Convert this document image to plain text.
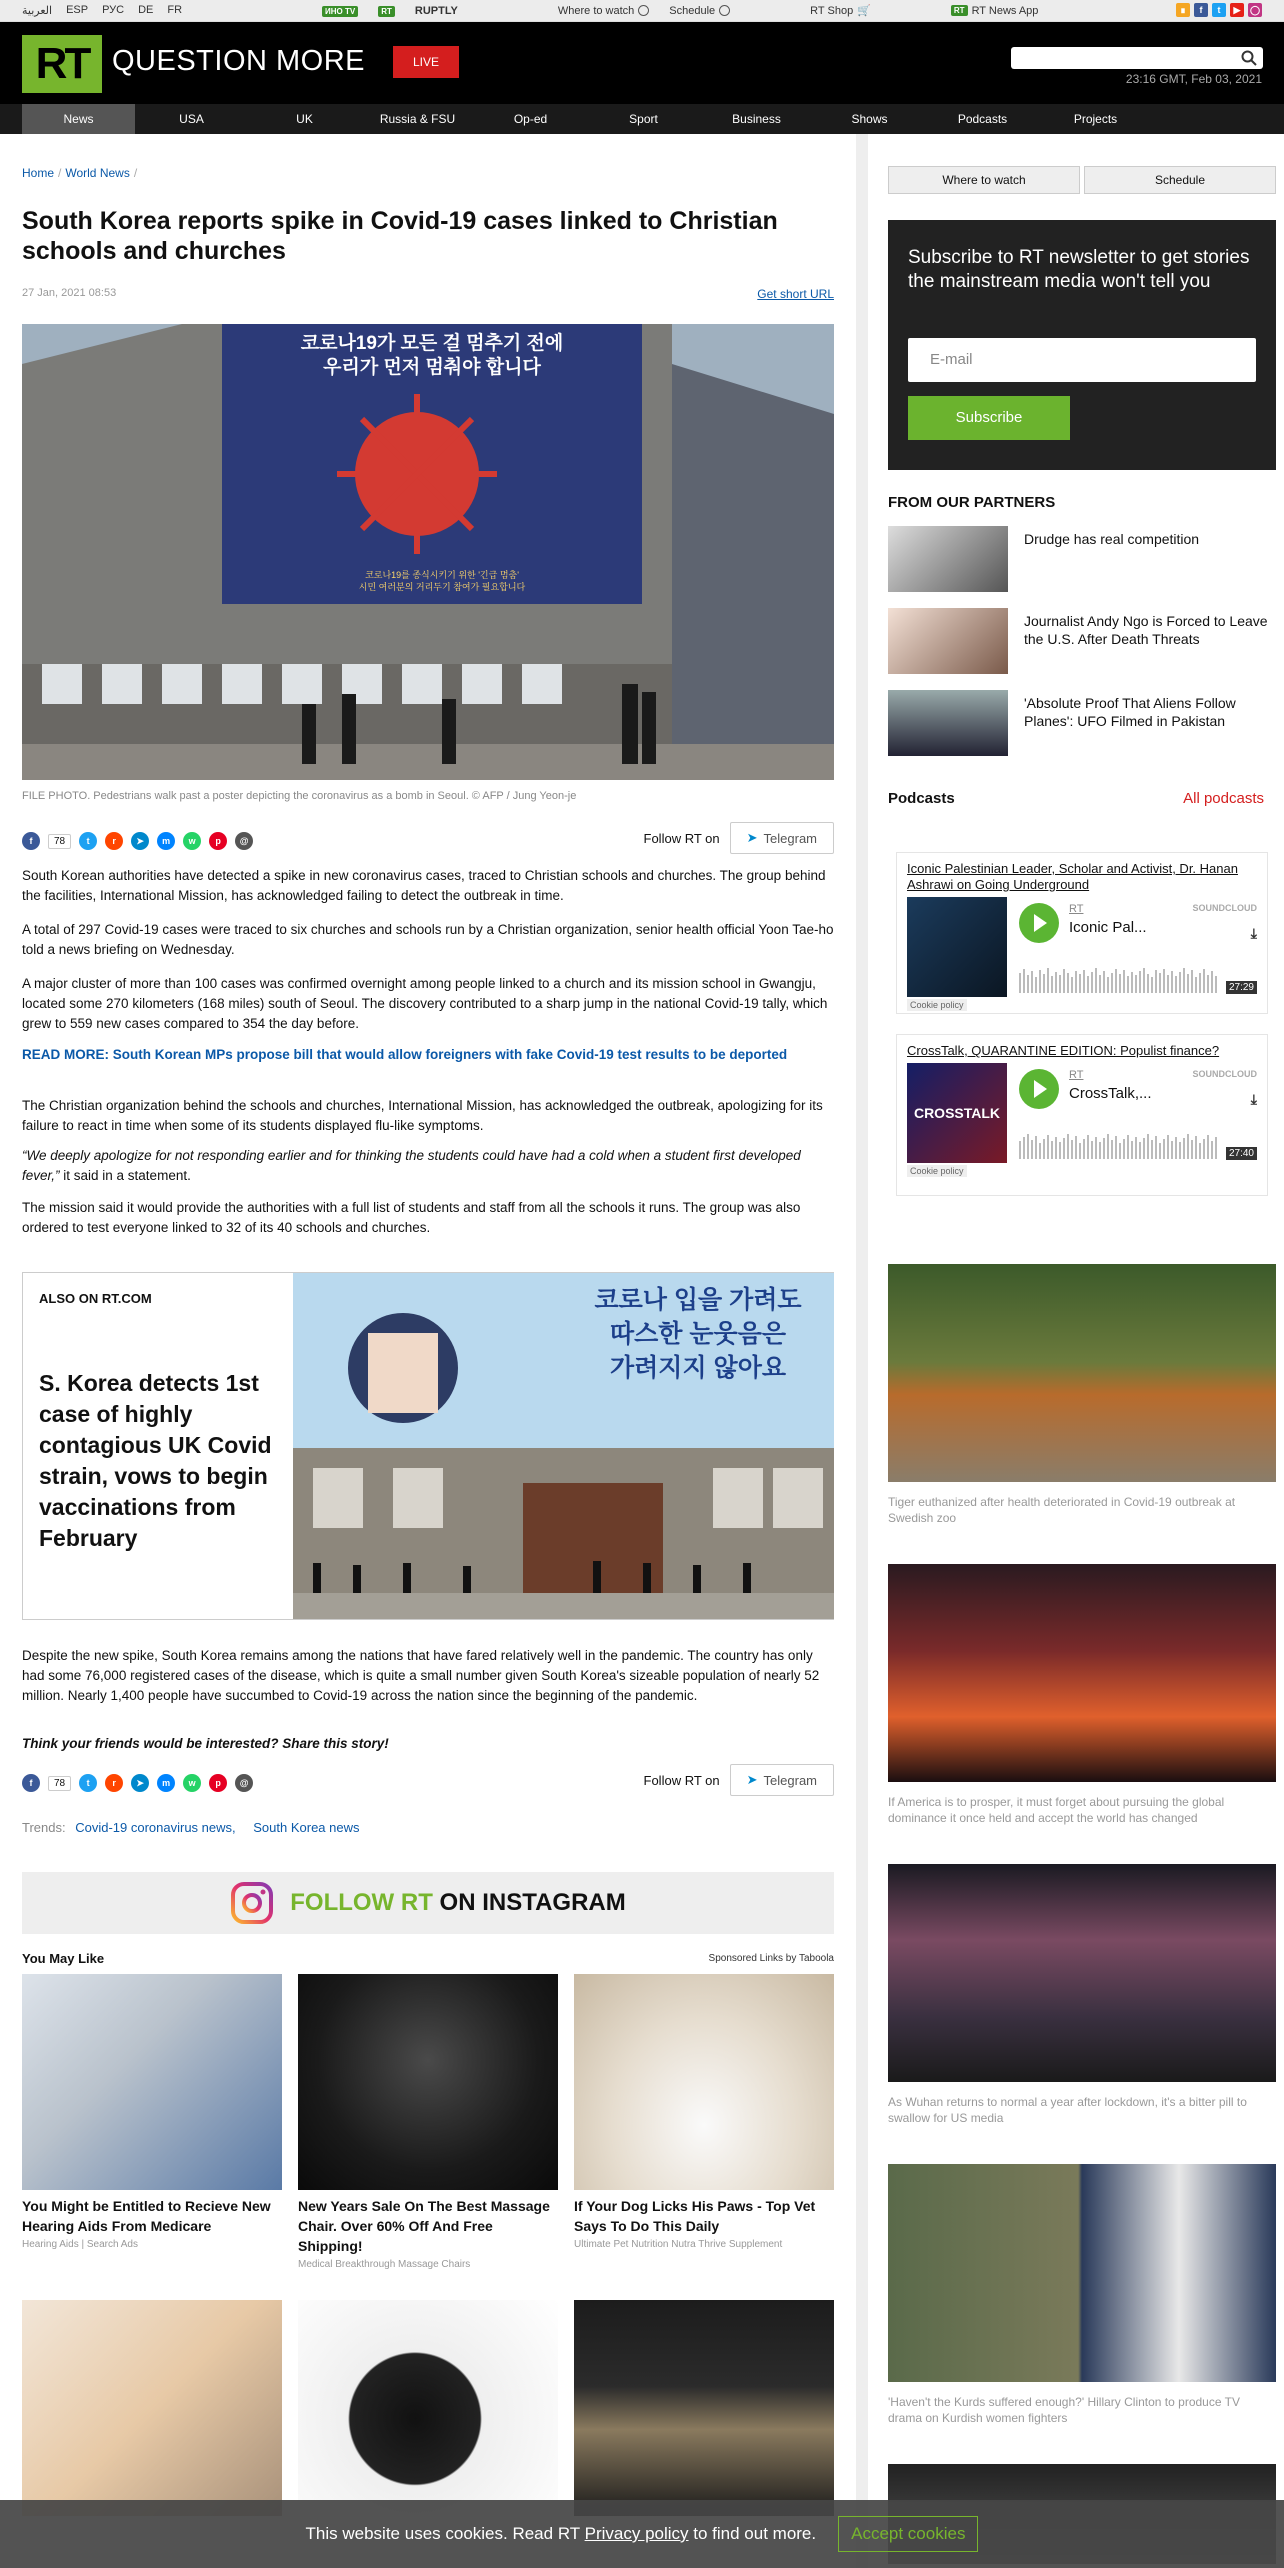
العربية ESP РУС DE FR	ИНО TV	RT RUPTLY	Where to watch	Schedule	RT Shop 🛒	RT RT News App	∎	f	t	▶	◯
RT QUESTION MORE	LIVE
23:16 GMT, Feb 03, 2021
News	USA	UK	Russia & FSU	Op-ed	Sport	Business	Shows	Podcasts	Projects
Home / World News /
South Korea reports spike in Covid-19 cases linked to Christian schools and churches
27 Jan, 2021 08:53	Get short URL
코로나19가 모든 걸 멈추기 전에
우리가 먼저 멈춰야 합니다
코로나19를 종식시키기 위한 '긴급 멈춤'
시민 여러분의 거리두기 참여가 필요합니다
FILE PHOTO. Pedestrians walk past a poster depicting the coronavirus as a bomb in Seoul. © AFP / Jung Yeon-je
f	78	t	r	➤	m	w	p	@	Follow RT on ➤ Telegram

South Korean authorities have detected a spike in new coronavirus cases, traced to Christian schools and churches. The group behind the facilities, International Mission, has acknowledged failing to detect the outbreak in time.

A total of 297 Covid-19 cases were traced to six churches and schools run by a Christian organization, senior health official Yoon Tae-ho told a news briefing on Wednesday.

A major cluster of more than 100 cases was confirmed overnight among people linked to a church and its mission school in Gwangju, located some 270 kilometers (168 miles) south of Seoul. The discovery contributed to a sharp jump in the national Covid-19 tally, which grew to 559 new cases compared to 354 the day before.

READ MORE: South Korean MPs propose bill that would allow foreigners with fake Covid-19 test results to be deported

The Christian organization behind the schools and churches, International Mission, has acknowledged the outbreak, apologizing for its failure to react in time when some of its students displayed flu-like symptoms.

“We deeply apologize for not responding earlier and for thinking the students could have had a cold when a student first developed fever,” it said in a statement.

The mission said it would provide the authorities with a full list of students and staff from all the schools it runs. The group was also ordered to test everyone linked to 32 of its 40 schools and churches.

ALSO ON RT.COM
S. Korea detects 1st case of highly contagious UK Covid strain, vows to begin vaccinations from February
코로나 입을 가려도
따스한 눈웃음은
가려지지 않아요

Despite the new spike, South Korea remains among the nations that have fared relatively well in the pandemic. The country has only had some 76,000 registered cases of the disease, which is quite a small number given South Korea's sizeable population of nearly 52 million. Nearly 1,400 people have succumbed to Covid-19 across the nation since the beginning of the pandemic.

Think your friends would be interested? Share this story!

f	78	t	r	➤	m	w	p	@	Follow RT on ➤ Telegram
Trends: Covid-19 coronavirus news, South Korea news
FOLLOW RT ON INSTAGRAM
You May Like	Sponsored Links by Taboola
You Might be Entitled to Recieve New Hearing Aids From Medicare
Hearing Aids | Search Ads
New Years Sale On The Best Massage Chair. Over 60% Off And Free Shipping!
Medical Breakthrough Massage Chairs
If Your Dog Licks His Paws - Top Vet Says To Do This Daily
Ultimate Pet Nutrition Nutra Thrive Supplement
Where to watch	Schedule
Subscribe to RT newsletter to get stories the mainstream media won't tell you
E-mail
Subscribe
FROM OUR PARTNERS
Drudge has real competition
Journalist Andy Ngo is Forced to Leave the U.S. After Death Threats
'Absolute Proof That Aliens Follow Planes': UFO Filmed in Pakistan
Podcasts	All podcasts
Iconic Palestinian Leader, Scholar and Activist, Dr. Hanan Ashrawi on Going Underground
RT
Iconic Pal...
SOUNDCLOUD
⤓
27:29
Cookie policy
CrossTalk, QUARANTINE EDITION: Populist finance?
CROSSTALK
RT
CrossTalk,...
SOUNDCLOUD
⤓
27:40
Cookie policy
Tiger euthanized after health deteriorated in Covid-19 outbreak at Swedish zoo
If America is to prosper, it must forget about pursuing the global dominance it once held and accept the world has changed
As Wuhan returns to normal a year after lockdown, it's a bitter pill to swallow for US media
'Haven't the Kurds suffered enough?' Hillary Clinton to produce TV drama on Kurdish women fighters
This website uses cookies. Read RT Privacy policy to find out more.	Accept cookies
